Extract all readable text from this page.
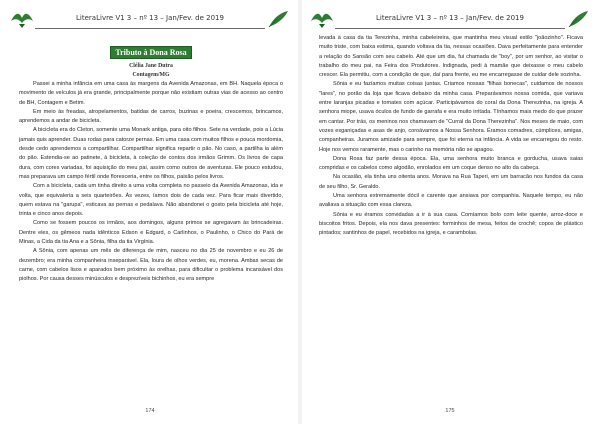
LiteraLivre V1 3 – nº 13 – Jan/Fev. de 2019
Tributo à Dona Rosa
Clélia Jane Dutra
Contagem/MG

Passei a minha infância em uma casa às margens da Avenida Amazonas, em BH. Naquela época o movimento de veículos já era grande, principalmente porque não existiam outras vias de acesso ao centro de BH, Contagem e Betim.

Em meio às freadas, atropelamentos, batidas de carros, buzinas e poeira, crescemos, brincamos, aprendemos a andar de bicicleta.

A bicicleta era do Cleton, somente uma Monark antiga, para oito filhos. Sete na verdade, pois a Lúcia jamais quis aprender. Duas rodas para catorze pernas. Em uma casa com muitos filhos e pouca mordomia, desde cedo aprendemos a compartilhar. Compartilhar significa repartir o pão. No caso, a partilha ia além do pão. Estendia-se ao patinete, à bicicleta, à coleção de contos dos irmãos Grimm. Os livros de capa dura, com cores variadas, foi aquisição do meu pai, assim como outros de aventuras. Ele pouco estudou, mas preparava um campo fértil onde floresceria, entre os filhos, paixão pelos livros.

Com a bicicleta, cada um tinha direito a uma volta completa no passeio da Avenida Amazonas, ida e volta, que equivaleria a seis quarteirões. Às vezes, íamos dois de cada vez. Para ficar mais divertido, quem estava na "garupa", esticava as pernas e pedalava. Não abandonei o gosto pela bicicleta até hoje, trinta e cinco anos depois.

Como se fossem poucos os irmãos, aos domingos, alguns primos se agregavam às brincadeiras. Dentre eles, os gêmeos nada idênticos Edson e Edgard, o Carlinhos, o Paulinho, o Chico do Pará de Minas, a Cida da tia Ana e a Sônia, filha da tia Virgínia.

A Sônia, com apenas um mês de diferença de mim, nasceu no dia 25 de novembro e eu 26 de dezembro; era minha companheira inseparável. Ela, loura de olhos verdes, eu, morena. Ambas secas de carne, com cabelos lisos e aparados bem próximo às orelhas, para dificultar o problema incansável dos piolhos. Por causa desses minúsculos e desprezíveis bichinhos, eu era sempre

174
LiteraLivre V1 3 – nº 13 – Jan/Fev. de 2019

levada à casa da tia Terezinha, minha cabeleireira, que mantinha meu visual estilo "joãozinho". Ficava muito triste, com baixa estima, quando voltava da tia, nessas ocasiões. Dava perfeitamente para entender a relação do Sansão com seu cabelo. Até que um dia, fui chamada de "boy", por um senhor, ao visitar o trabalho do meu pai, na Feira dos Produtores. Indignada, pedi à mamãe que deixasse o meu cabelo crescer. Ela permitiu, com a condição de que, daí para frente, eu me encarregasse de cuidar dele sozinha.

Sônia e eu fazíamos muitas coisas juntas. Criamos nossas "filhas bonecas", cuidamos de nossos "lares", no porão da loja que ficava debaixo da minha casa. Preparávamos nossa comida, que variava entre laranjas picadas e tomates com açúcar. Participávamos do coral da Dona Therezinha, na igreja. A senhora miope, usava óculos de fundo de garrafa e era muito irritada. Tínhamos mais medo do que prazer em cantar. Por trás, os meninos nos chamavam de "Curral da Dona Therezinha". Nos meses de maio, com vozes esganiçadas e asas de anjo, coroávamos a Nossa Senhora. Éramos comadres, cúmplices, amigas, companheiras. Juramos amizade para sempre, que foi eterna na infância. A vida se encarregou do resto. Hoje nos vemos raramente, mas o carinho na memória não se apagou.

Dona Rosa faz parte dessa época. Ela, uma senhora muito branca e gorducha, usava saias compridas e os cabelos como algodão, enrolados em um coque denso no alto da cabeça.

Na ocasião, ela tinha uns oitenta anos. Morava na Rua Taperi, em um barracão nos fundos da casa de seu filho, Sr. Geraldo.

Uma senhora extremamente dócil e carente que ansiava por companhia. Naquele tempo, eu não avaliava a situação com essa clareza.

Sônia e eu éramos convidadas a ir à sua casa. Comíamos bolo com leite quente, arroz-doce e biscoitos fritos. Depois, ela nos dava presentes: forminhos de mesa, feitos de crochê; copos de plástico pintados; santinhos de papel, recebidos na igreja, e carambolas.

175
